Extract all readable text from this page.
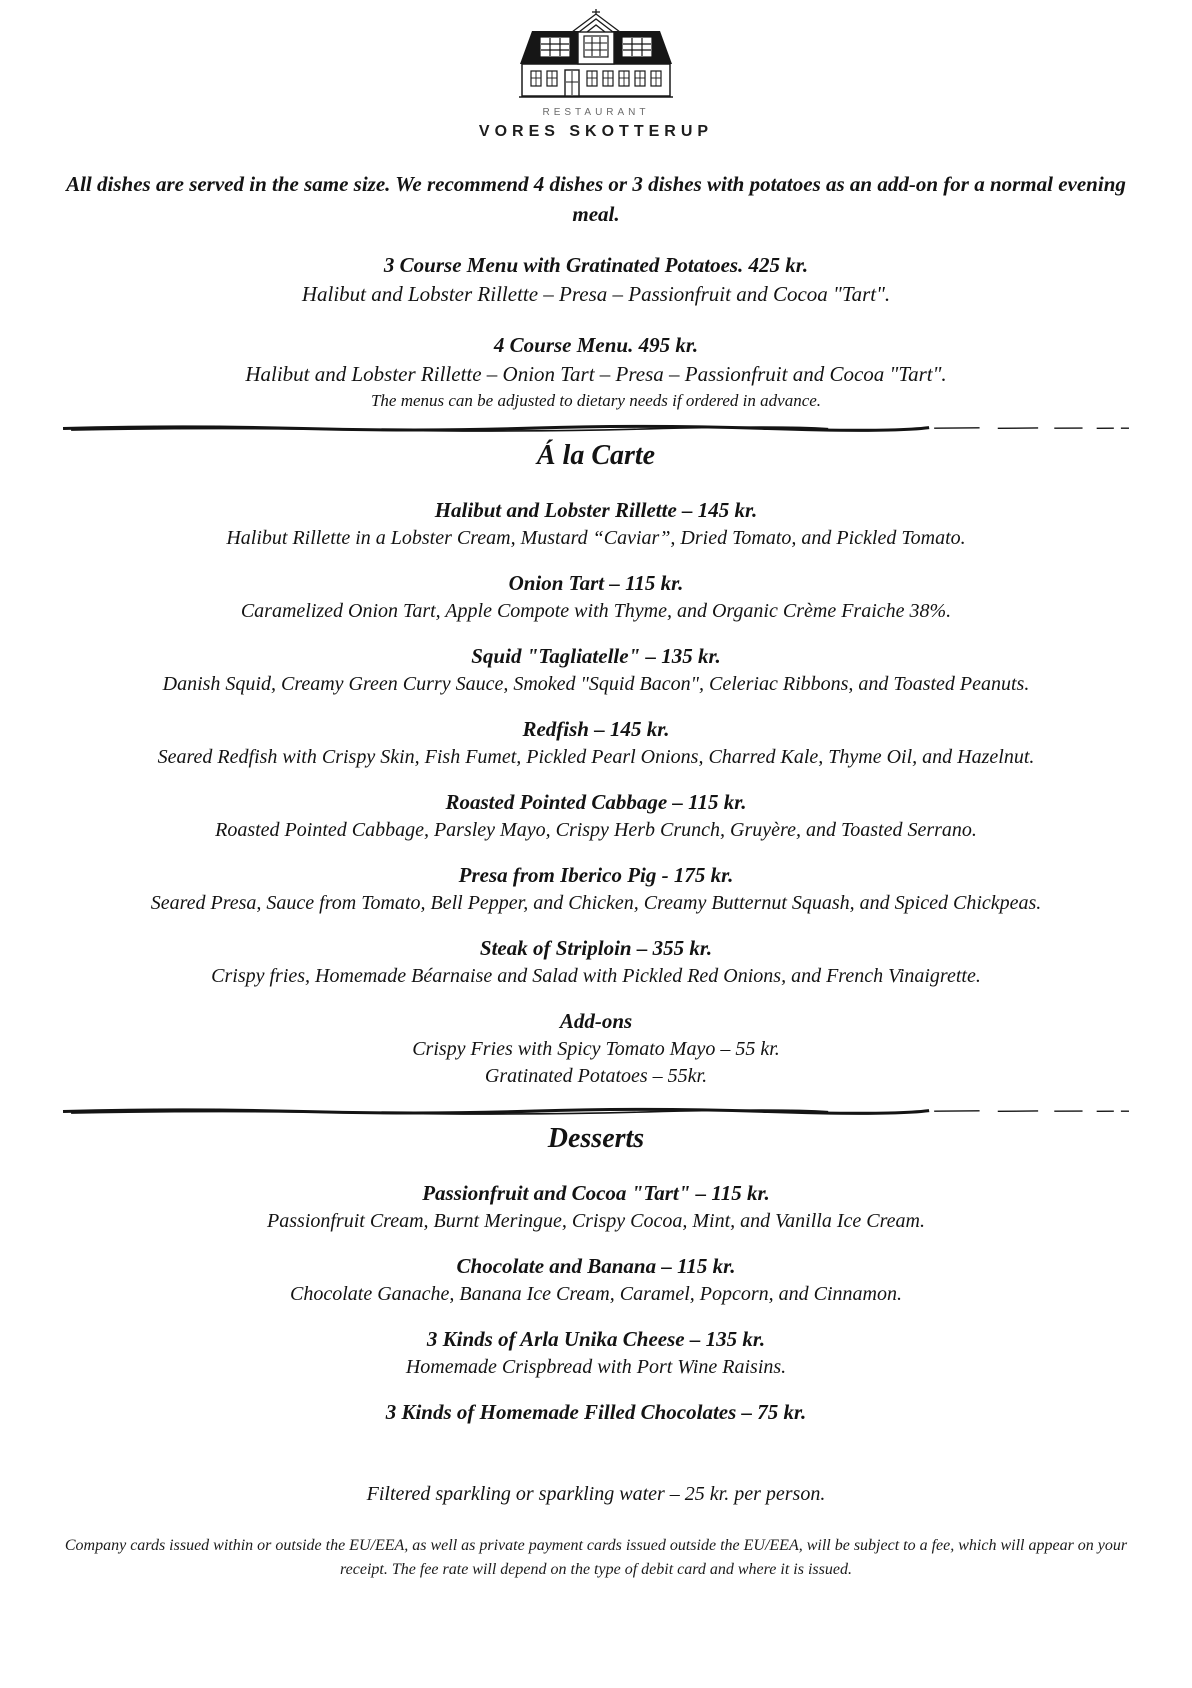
RESTAURANT
VORES SKOTTERUP
All dishes are served in the same size. We recommend 4 dishes or 3 dishes with potatoes as an add-on for a normal evening meal.
3 Course Menu with Gratinated Potatoes. 425 kr.
Halibut and Lobster Rillette – Presa – Passionfruit and Cocoa "Tart".
4 Course Menu. 495 kr.
Halibut and Lobster Rillette – Onion Tart – Presa – Passionfruit and Cocoa "Tart".
The menus can be adjusted to dietary needs if ordered in advance.
Á la Carte
Halibut and Lobster Rillette – 145 kr.
Halibut Rillette in a Lobster Cream, Mustard “Caviar”, Dried Tomato, and Pickled Tomato.
Onion Tart – 115 kr.
Caramelized Onion Tart, Apple Compote with Thyme, and Organic Crème Fraiche 38%.
Squid "Tagliatelle" – 135 kr.
Danish Squid, Creamy Green Curry Sauce, Smoked "Squid Bacon", Celeriac Ribbons, and Toasted Peanuts.
Redfish – 145 kr.
Seared Redfish with Crispy Skin, Fish Fumet, Pickled Pearl Onions, Charred Kale, Thyme Oil, and Hazelnut.
Roasted Pointed Cabbage – 115 kr.
Roasted Pointed Cabbage, Parsley Mayo, Crispy Herb Crunch, Gruyère, and Toasted Serrano.
Presa from Iberico Pig - 175 kr.
Seared Presa, Sauce from Tomato, Bell Pepper, and Chicken, Creamy Butternut Squash, and Spiced Chickpeas.
Steak of Striploin – 355 kr.
Crispy fries, Homemade Béarnaise and Salad with Pickled Red Onions, and French Vinaigrette.
Add-ons
Crispy Fries with Spicy Tomato Mayo – 55 kr.
Gratinated Potatoes – 55kr.
Desserts
Passionfruit and Cocoa "Tart" – 115 kr.
Passionfruit Cream, Burnt Meringue, Crispy Cocoa, Mint, and Vanilla Ice Cream.
Chocolate and Banana – 115 kr.
Chocolate Ganache, Banana Ice Cream, Caramel, Popcorn, and Cinnamon.
3 Kinds of Arla Unika Cheese – 135 kr.
Homemade Crispbread with Port Wine Raisins.
3 Kinds of Homemade Filled Chocolates – 75 kr.
Filtered sparkling or sparkling water – 25 kr. per person.
Company cards issued within or outside the EU/EEA, as well as private payment cards issued outside the EU/EEA, will be subject to a fee, which will appear on your receipt. The fee rate will depend on the type of debit card and where it is issued.
